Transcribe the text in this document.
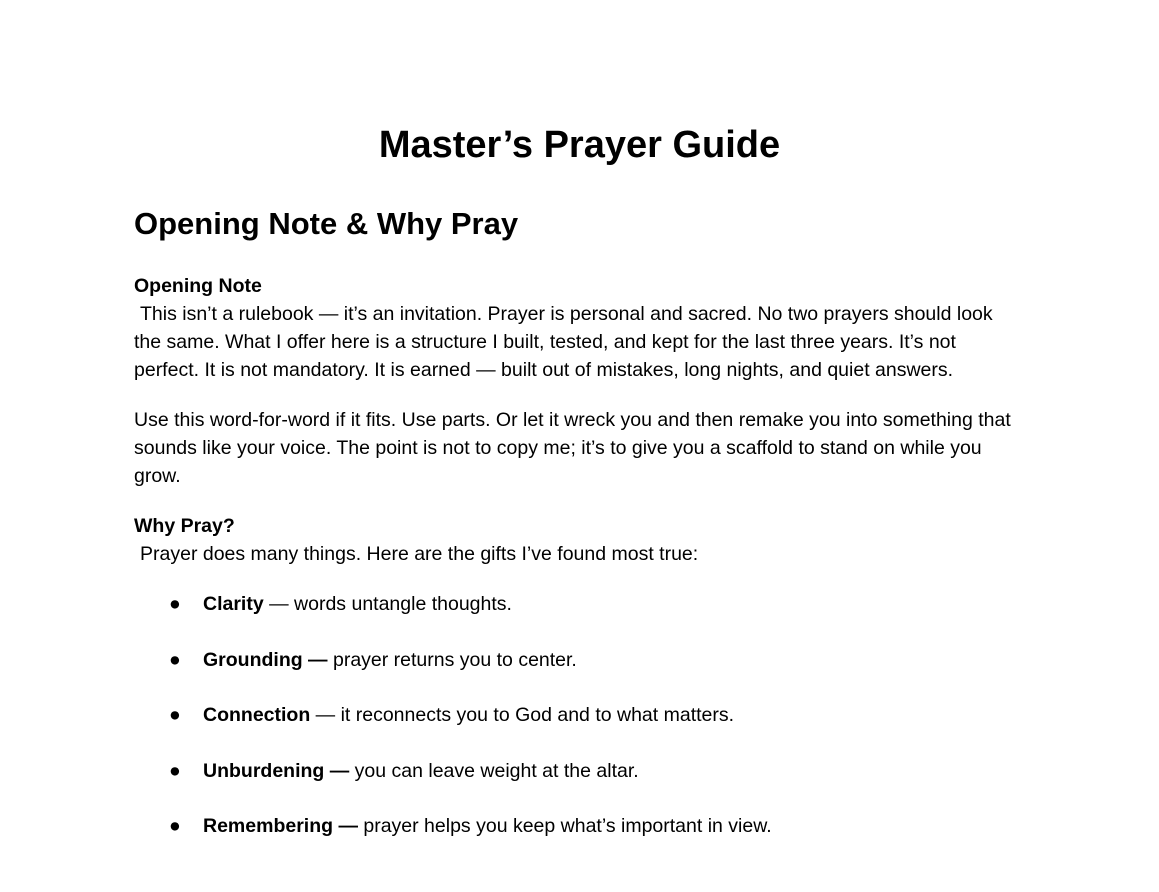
Master’s Prayer Guide
Opening Note & Why Pray

Opening Note

This isn’t a rulebook — it’s an invitation. Prayer is personal and sacred. No two prayers should look the same. What I offer here is a structure I built, tested, and kept for the last three years. It’s not perfect. It is not mandatory. It is earned — built out of mistakes, long nights, and quiet answers.

Use this word-for-word if it fits. Use parts. Or let it wreck you and then remake you into something that sounds like your voice. The point is not to copy me; it’s to give you a scaffold to stand on while you grow.

Why Pray?

Prayer does many things. Here are the gifts I’ve found most true:

● Clarity — words untangle thoughts.
● Grounding — prayer returns you to center.
● Connection — it reconnects you to God and to what matters.
● Unburdening — you can leave weight at the altar.
● Remembering — prayer helps you keep what’s important in view.
